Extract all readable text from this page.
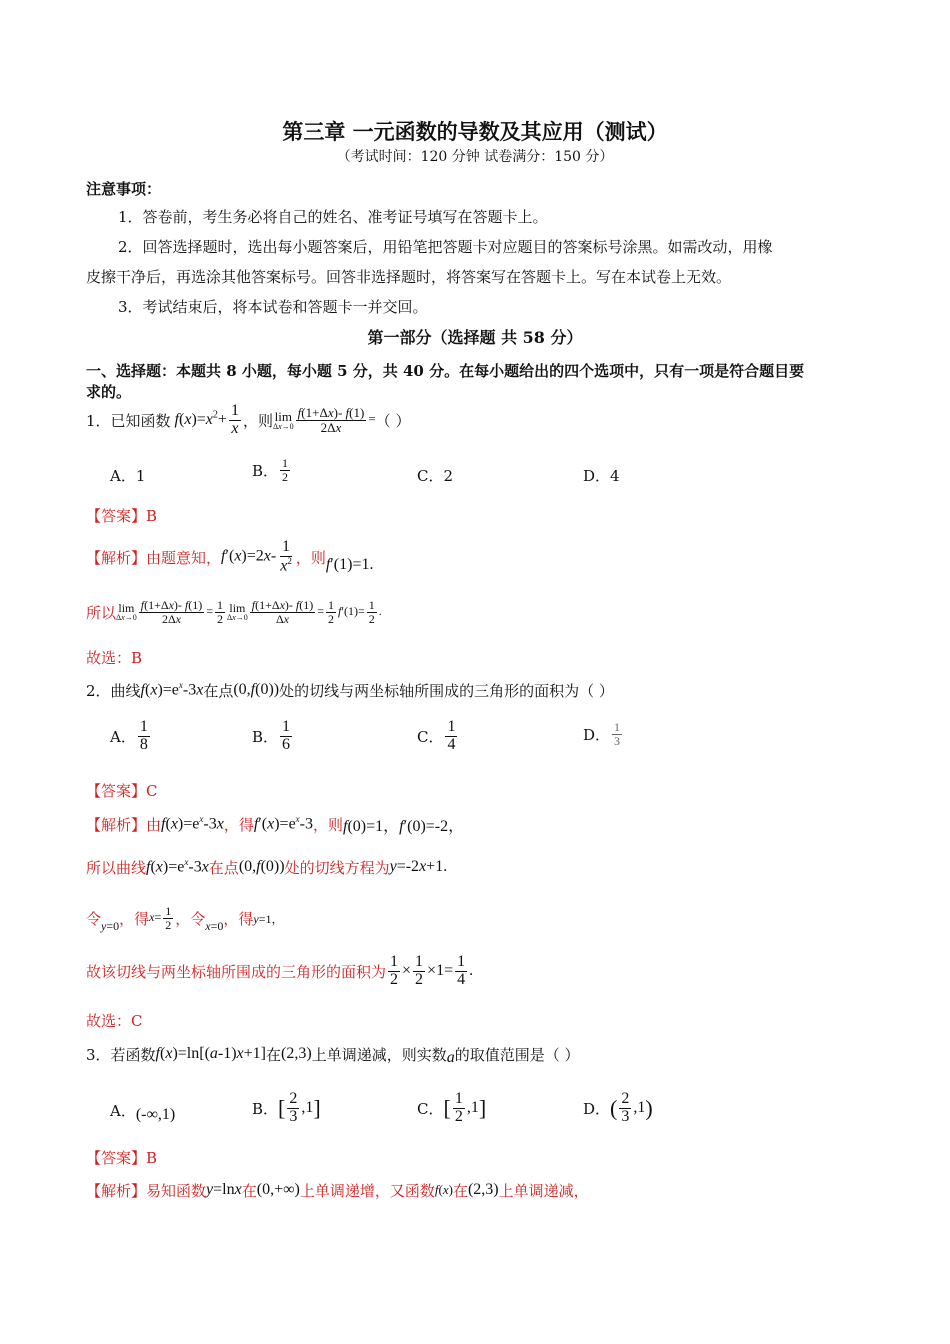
第三章 一元函数的导数及其应用（测试）
（考试时间：120 分钟 试卷满分：150 分）
注意事项：
1．答卷前，考生务必将自己的姓名、准考证号填写在答题卡上。
2．回答选择题时，选出每小题答案后，用铅笔把答题卡对应题目的答案标号涂黑。如需改动，用橡
皮擦干净后，再选涂其他答案标号。回答非选择题时，将答案写在答题卡上。写在本试卷上无效。
3．考试结束后，将本试卷和答题卡一并交回。
第一部分（选择题 共 58 分）
一、选择题：本题共 8 小题，每小题 5 分，共 40 分。在每小题给出的四个选项中，只有一项是符合题目要
求的。
1．已知函数 $f(x)=x^2+ \frac{1}{x}$ ，则 lim
$\Delta x\to 0 \frac{f(1+\Delta x)- f(1)}{2\Delta x}$ = （ ）
A．1	B． $\frac{1}{2}$	C．2	D．4
【答案】B
【解析】 由题意知， $f'(x)=2x- \frac{1}{x^2}$ ，则 f′(1)=1.
所以 lim
$\Delta x\to 0 \frac{f(1+\Delta x)- f(1)}{2\Delta x} = \frac{1}{2}$ lim
$\Delta x\to 0 \frac{f(1+\Delta x)- f(1)}{\Delta x} = \frac{1}{2} f'(1)= \frac{1}{2}$ .
故选：B
2．曲线 $f(x)=e^x-3x$ 在点 (0,f(0)) 处的切线与两坐标轴所围成的三角形的面积为（ ）
A． $\frac{1}{8}$	B． $\frac{1}{6}$	C． $\frac{1}{4}$	D． $\frac{1}{3}$
【答案】C
【解析】 由 $f(x)=e^x-3x$ ，得 $f'(x)=e^x-3$ ，则 f(0)=1，f′(0)=-2，
所以曲线 $f(x)=e^x-3x$ 在点 (0,f(0)) 处的切线方程为 y=-2x+1.
令 y=0 ，得 $x= \frac{1}{2}$ ，令 x=0 ，得 y=1，
故该切线与两坐标轴所围成的三角形的面积为 $\frac{1}{2} \times \frac{1}{2} \times 1= \frac{1}{4}$ .
故选：C
3．若函数 f(x)=ln[(a-1)x+1] 在 (2,3) 上单调递减，则实数 a 的取值范围是（ ）
A． (-∞,1)	B． [ $\frac{2}{3} ,1$]	C． [ $\frac{1}{2} ,1$]	D． ( $\frac{2}{3} ,1$)
【答案】B
【解析】 易知函数 y=lnx 在 (0,+∞) 上单调递增，又函数 f(x) 在 (2,3) 上单调递减，
